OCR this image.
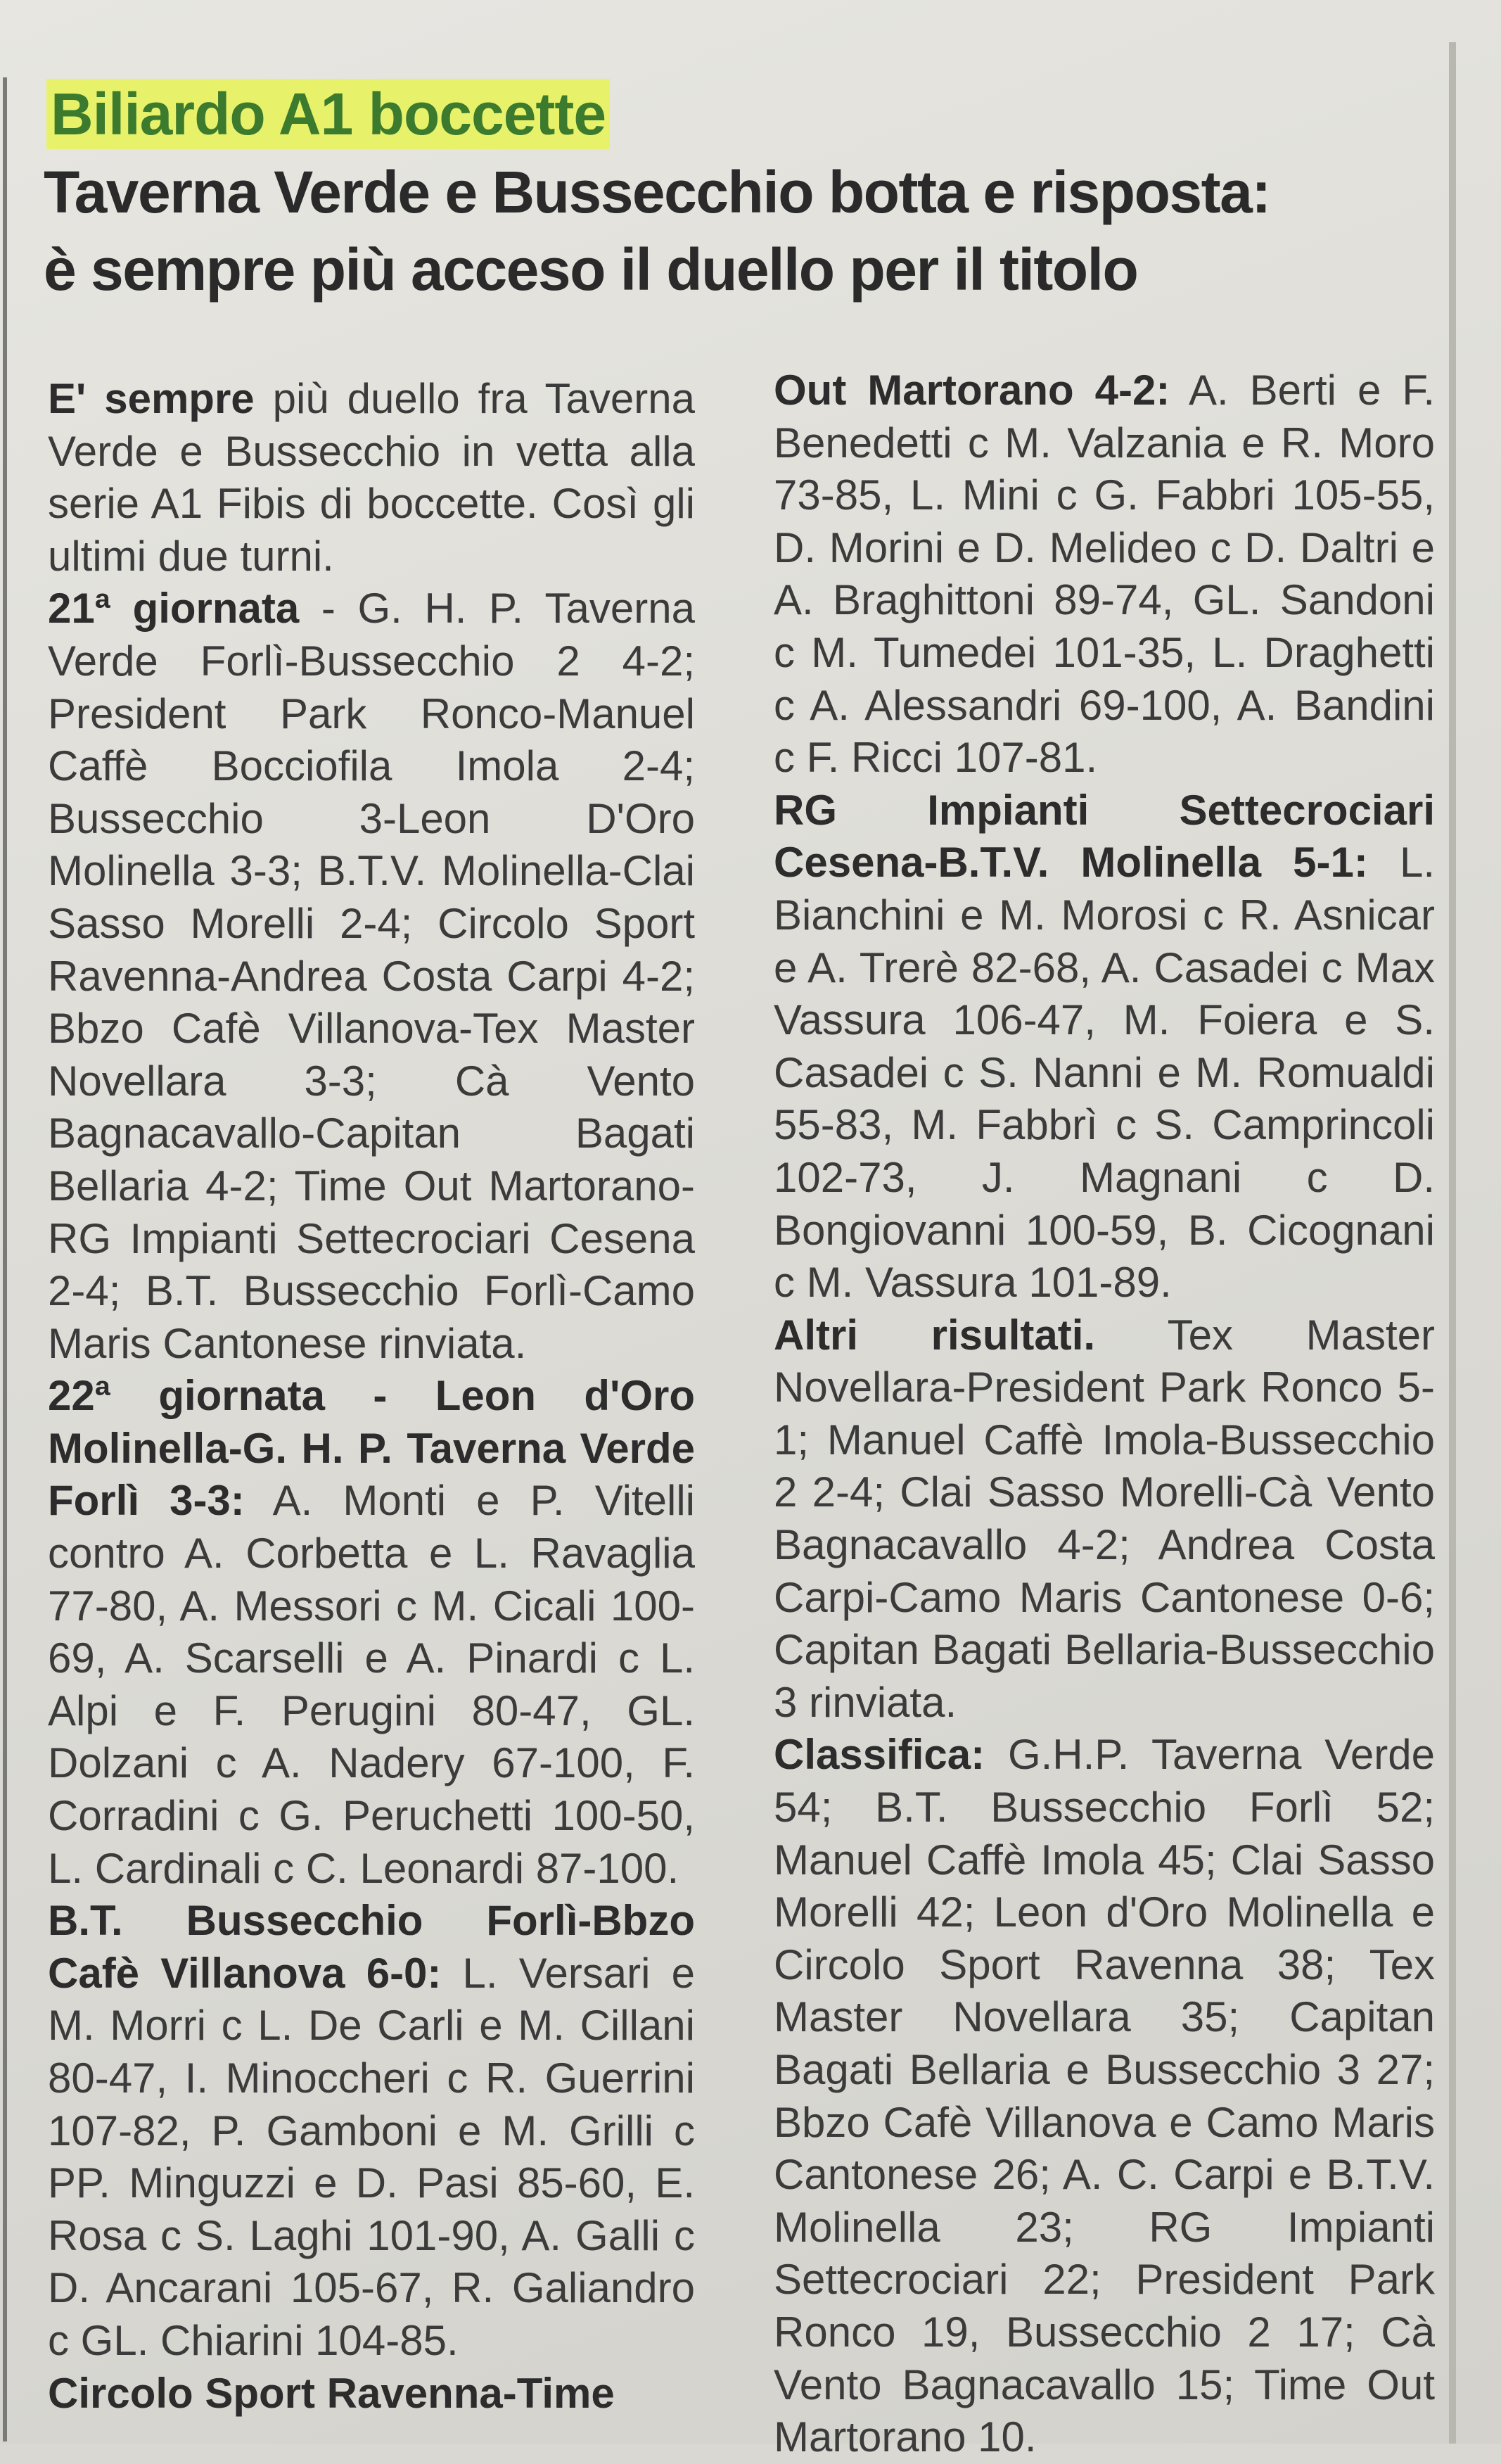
Biliardo A1 boccette
Taverna Verde e Bussecchio botta e risposta:
è sempre più acceso il duello per il titolo

E' sempre più duello fra Taverna Verde e Bussecchio in vetta alla serie A1 Fibis di boccette. Così gli ultimi due turni.

21ª giornata - G. H. P. Taverna Verde Forlì-Bussecchio 2 4-2; President Park Ronco-Manuel Caffè Bocciofila Imola 2-4; Bussecchio 3-Leon D'Oro Molinella 3-3; B.T.V. Molinella-Clai Sasso Morelli 2-4; Circolo Sport Ravenna-Andrea Costa Carpi 4-2; Bbzo Cafè Villanova-Tex Master Novellara 3-3; Cà Vento Bagnacavallo-Capitan Bagati Bellaria 4-2; Time Out Martorano-RG Impianti Settecrociari Cesena 2-4; B.T. Bussecchio Forlì-Camo Maris Cantonese rinviata.

22ª giornata - Leon d'Oro Molinella-G. H. P. Taverna Verde Forlì 3-3: A. Monti e P. Vitelli contro A. Corbetta e L. Ravaglia 77-80, A. Messori c M. Cicali 100-69, A. Scarselli e A. Pinardi c L. Alpi e F. Perugini 80-47, GL. Dolzani c A. Nadery 67-100, F. Corradini c G. Peruchetti 100-50, L. Cardinali c C. Leonardi 87-100.

B.T. Bussecchio Forlì-Bbzo Cafè Villanova 6-0: L. Versari e M. Morri c L. De Carli e M. Cillani 80-47, I. Minoccheri c R. Guerrini 107-82, P. Gamboni e M. Grilli c PP. Minguzzi e D. Pasi 85-60, E. Rosa c S. Laghi 101-90, A. Galli c D. Ancarani 105-67, R. Galiandro c GL. Chiarini 104-85.

Circolo Sport Ravenna-Time

Out Martorano 4-2: A. Berti e F. Benedetti c M. Valzania e R. Moro 73-85, L. Mini c G. Fabbri 105-55, D. Morini e D. Melideo c D. Daltri e A. Braghittoni 89-74, GL. Sandoni c M. Tumedei 101-35, L. Draghetti c A. Alessandri 69-100, A. Bandini c F. Ricci 107-81.

RG Impianti Settecrociari Cesena-B.T.V. Molinella 5-1: L. Bianchini e M. Morosi c R. Asnicar e A. Trerè 82-68, A. Casadei c Max Vassura 106-47, M. Foiera e S. Casadei c S. Nanni e M. Romualdi 55-83, M. Fabbrì c S. Camprincoli 102-73, J. Magnani c D. Bongiovanni 100-59, B. Cicognani c M. Vassura 101-89.

Altri risultati. Tex Master Novellara-President Park Ronco 5-1; Manuel Caffè Imola-Bussecchio 2 2-4; Clai Sasso Morelli-Cà Vento Bagnacavallo 4-2; Andrea Costa Carpi-Camo Maris Cantonese 0-6; Capitan Bagati Bellaria-Bussecchio 3 rinviata.

Classifica: G.H.P. Taverna Verde 54; B.T. Bussecchio Forlì 52; Manuel Caffè Imola 45; Clai Sasso Morelli 42; Leon d'Oro Molinella e Circolo Sport Ravenna 38; Tex Master Novellara 35; Capitan Bagati Bellaria e Bussecchio 3 27; Bbzo Cafè Villanova e Camo Maris Cantonese 26; A. C. Carpi e B.T.V. Molinella 23; RG Impianti Settecrociari 22; President Park Ronco 19, Bussecchio 2 17; Cà Vento Bagnacavallo 15; Time Out Martorano 10.
